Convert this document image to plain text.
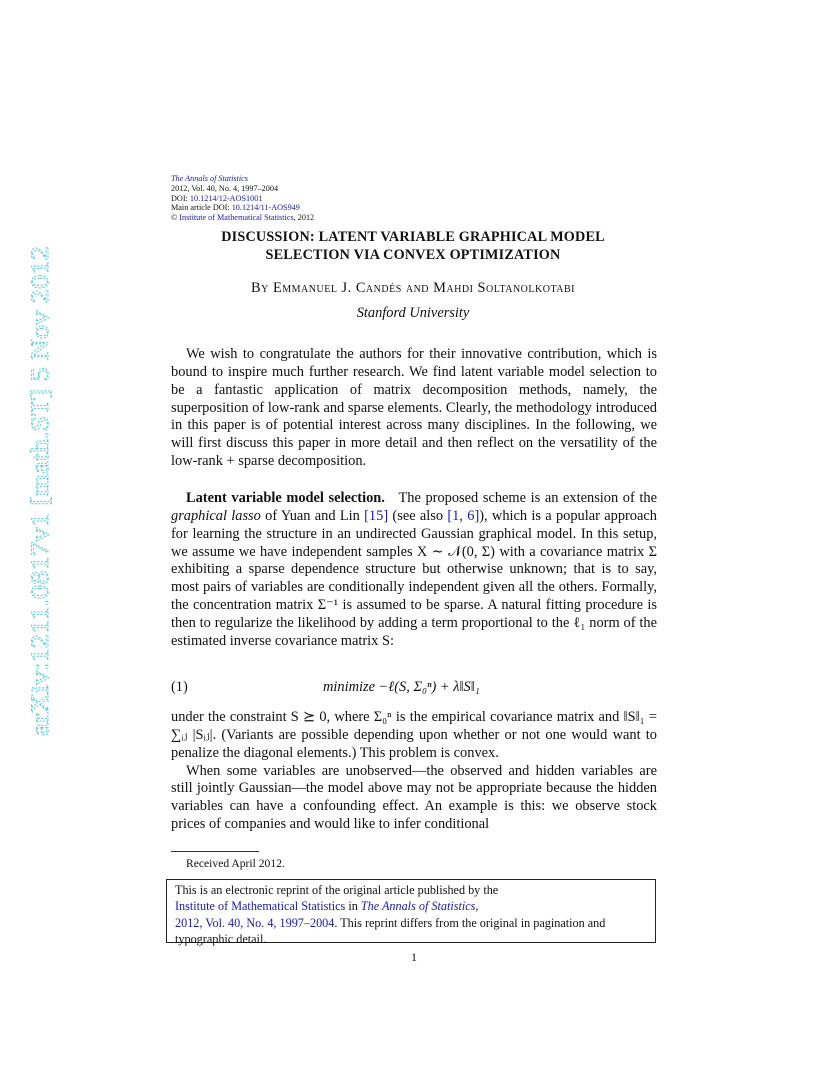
arXiv:1211.0817v1 [math.ST] 5 Nov 2012
The Annals of Statistics
2012, Vol. 40, No. 4, 1997–2004
DOI: 10.1214/12-AOS1001
Main article DOI: 10.1214/11-AOS949
© Institute of Mathematical Statistics, 2012
DISCUSSION: LATENT VARIABLE GRAPHICAL MODEL
SELECTION VIA CONVEX OPTIMIZATION
By Emmanuel J. Candés and Mahdi Soltanolkotabi
Stanford University

We wish to congratulate the authors for their innovative contribution, which is bound to inspire much further research. We find latent variable model selection to be a fantastic application of matrix decomposition methods, namely, the superposition of low-rank and sparse elements. Clearly, the methodology introduced in this paper is of potential interest across many disciplines. In the following, we will first discuss this paper in more detail and then reflect on the versatility of the low-rank + sparse decomposition.

Latent variable model selection. The proposed scheme is an extension of the graphical lasso of Yuan and Lin [15] (see also [1, 6]), which is a popular approach for learning the structure in an undirected Gaussian graphical model. In this setup, we assume we have independent samples X ∼ 𝒩(0, Σ) with a covariance matrix Σ exhibiting a sparse dependence structure but otherwise unknown; that is to say, most pairs of variables are conditionally independent given all the others. Formally, the concentration matrix Σ⁻¹ is assumed to be sparse. A natural fitting procedure is then to regularize the likelihood by adding a term proportional to the ℓ₁ norm of the estimated inverse covariance matrix S:

(1)	minimize −ℓ(S, Σ₀ⁿ) + λ‖S‖₁

under the constraint S ⪰ 0, where Σ₀ⁿ is the empirical covariance matrix and ‖S‖₁ = ∑ᵢⱼ |Sᵢⱼ|. (Variants are possible depending upon whether or not one would want to penalize the diagonal elements.) This problem is convex.

When some variables are unobserved—the observed and hidden variables are still jointly Gaussian—the model above may not be appropriate because the hidden variables can have a confounding effect. An example is this: we observe stock prices of companies and would like to infer conditional

Received April 2012.
This is an electronic reprint of the original article published by the
Institute of Mathematical Statistics in The Annals of Statistics,
2012, Vol. 40, No. 4, 1997–2004. This reprint differs from the original in pagination and typographic detail.
1
